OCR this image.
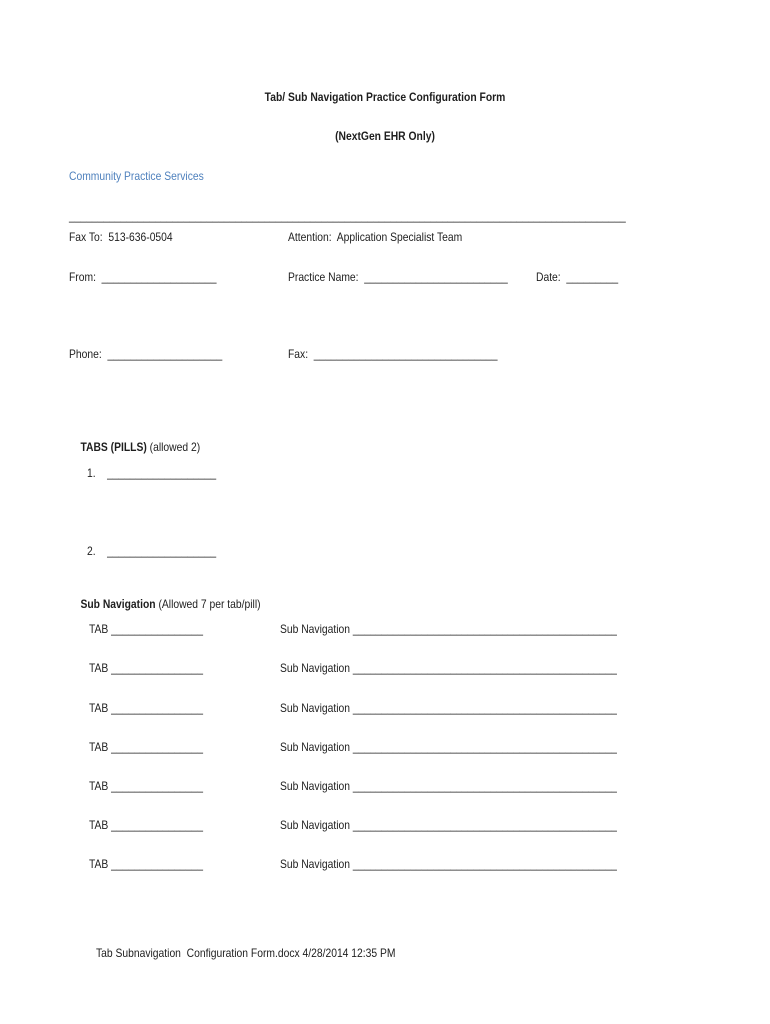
Tab/ Sub Navigation Practice Configuration Form
(NextGen EHR Only)
Community Practice Services
_________________________________________________________________________________________________
Fax To:  513-636-0504	Attention:  Application Specialist Team
From:  ____________________	Practice Name:  _________________________ Date:  _________
Phone:  ____________________	Fax:  ________________________________

TABS (PILLS) (allowed 2)

1.    ___________________
2.    ___________________

Sub Navigation (Allowed 7 per tab/pill)

TAB ________________	Sub Navigation ______________________________________________
TAB ________________	Sub Navigation ______________________________________________
TAB ________________	Sub Navigation ______________________________________________
TAB ________________	Sub Navigation ______________________________________________
TAB ________________	Sub Navigation ______________________________________________
TAB ________________	Sub Navigation ______________________________________________
TAB ________________	Sub Navigation ______________________________________________
Tab Subnavigation  Configuration Form.docx 4/28/2014 12:35 PM
